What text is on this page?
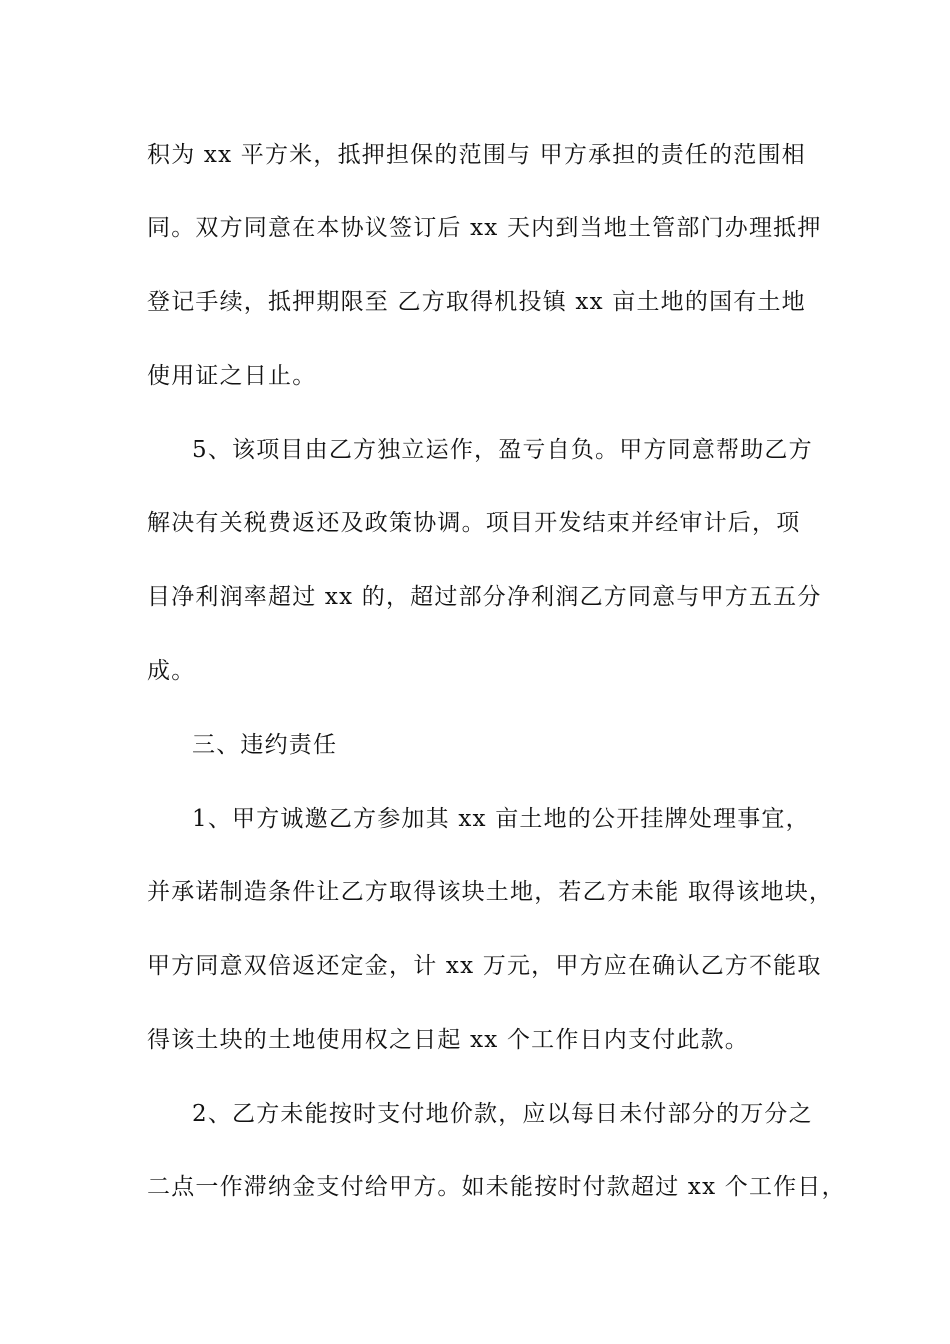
积为 xx 平方米，抵押担保的范围与 甲方承担的责任的范围相
同。双方同意在本协议签订后 xx 天内到当地土管部门办理抵押
登记手续，抵押期限至 乙方取得机投镇 xx 亩土地的国有土地
使用证之日止。
5、该项目由乙方独立运作，盈亏自负。甲方同意帮助乙方
解决有关税费返还及政策协调。项目开发结束并经审计后，项
目净利润率超过 xx 的，超过部分净利润乙方同意与甲方五五分
成。
三、违约责任
1、甲方诚邀乙方参加其 xx 亩土地的公开挂牌处理事宜，
并承诺制造条件让乙方取得该块土地，若乙方未能 取得该地块，
甲方同意双倍返还定金，计 xx 万元，甲方应在确认乙方不能取
得该土块的土地使用权之日起 xx 个工作日内支付此款。
2、乙方未能按时支付地价款，应以每日未付部分的万分之
二点一作滞纳金支付给甲方。如未能按时付款超过 xx 个工作日，
